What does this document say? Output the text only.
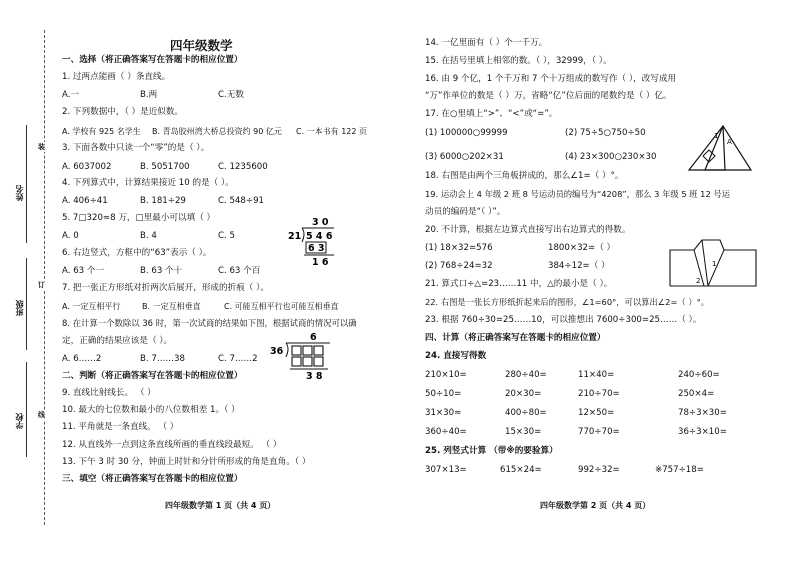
姓名
班级
学校
装
订
线
四年级数学
一、选择（将正确答案写在答题卡的相应位置）
1. 过两点能画（ ）条直线。
A.一	B.两	C.无数
2. 下列数据中，（ ）是近似数。
A. 学校有 925 名学生 B. 青岛胶州湾大桥总投资约 90 亿元 C. 一本书有 122 页
3. 下面各数中只读一个“零”的是（ ）。
A. 6037002	B. 5051700	C. 1235600
4. 下列算式中，计算结果接近 10 的是（ ）。
A. 406÷41	B. 181÷29	C. 548÷91
5. 7□320≈8 万，□里最小可以填（ ）
A. 0	B. 4	C. 5
3 0
21 5 4 6
6 3
1 6
6. 右边竖式，方框中的“63”表示（ ）。
A. 63 个一	B. 63 个十	C. 63 个百
7. 把一张正方形纸对折两次后展开，形成的折痕（ ）。
A. 一定互相平行	B. 一定互相垂直	C. 可能互相平行也可能互相垂直
8. 在计算一个数除以 36 时，第一次试商的结果如下图，根据试商的情况可以确
定，正确的结果应该是（ ）。	6
36
3 8
A. 6……2	B. 7……38	C. 7……2
二、判断（将正确答案写在答题卡的相应位置）
9. 直线比射线长。 （ ）
10. 最大的七位数和最小的八位数相差 1。（ ）
11. 平角就是一条直线。 （ ）
12. 从直线外一点到这条直线所画的垂直线段最短。 （ ）
13. 下午 3 时 30 分，钟面上时针和分针所形成的角是直角。（ ）
三、填空（将正确答案写在答题卡的相应位置）
四年级数学第 1 页（共 4 页）
14. 一亿里面有（ ）个一千万。
15. 在括号里填上相邻的数。（ ），32999，（ ）。
16. 由 9 个亿，1 个千万和 7 个十万组成的数写作（ ），改写成用
“万”作单位的数是（ ）万，省略“亿”位后面的尾数约是（ ）亿。
17. 在○里填上“>”、“<”或“=”。
(1) 100000○99999	(2) 75÷5○750÷50
(3) 6000○202×31	(4) 23×300○230×30
1
A
18. 右图是由两个三角板拼成的，那么∠1=（ ）°。
19. 运动会上 4 年级 2 班 8 号运动员的编号为“4208”，那么 3 年级 5 班 12 号运
动员的编码是“（ ）”。
20. 不计算，根据左边算式直接写出右边算式的得数。
(1) 18×32=576	1800×32=（ ）
(2) 768÷24=32	384÷12=（ ）	1
2
21. 算式口÷△=23……11 中，△的最小是（ ）。
22. 右图是一张长方形纸折起来后的图形，∠1=60°，可以算出∠2=（ ）°。
23. 根据 760÷30=25……10，可以推想出 7600÷300=25……（ ）。
四、计算（将正确答案写在答题卡的相应位置）
24. 直接写得数
210×10=	280÷40=	11×40=	240÷60=
50÷10=	20×30=	210÷70=	250×4=
31×30≈	400÷80=	12×50=	78÷3×30=
360÷40=	15×30=	770÷70=	36÷3×10=
25. 列竖式计算 （带※的要验算）
307×13=	615×24=	992÷32=	※757÷18=
四年级数学第 2 页（共 4 页）
